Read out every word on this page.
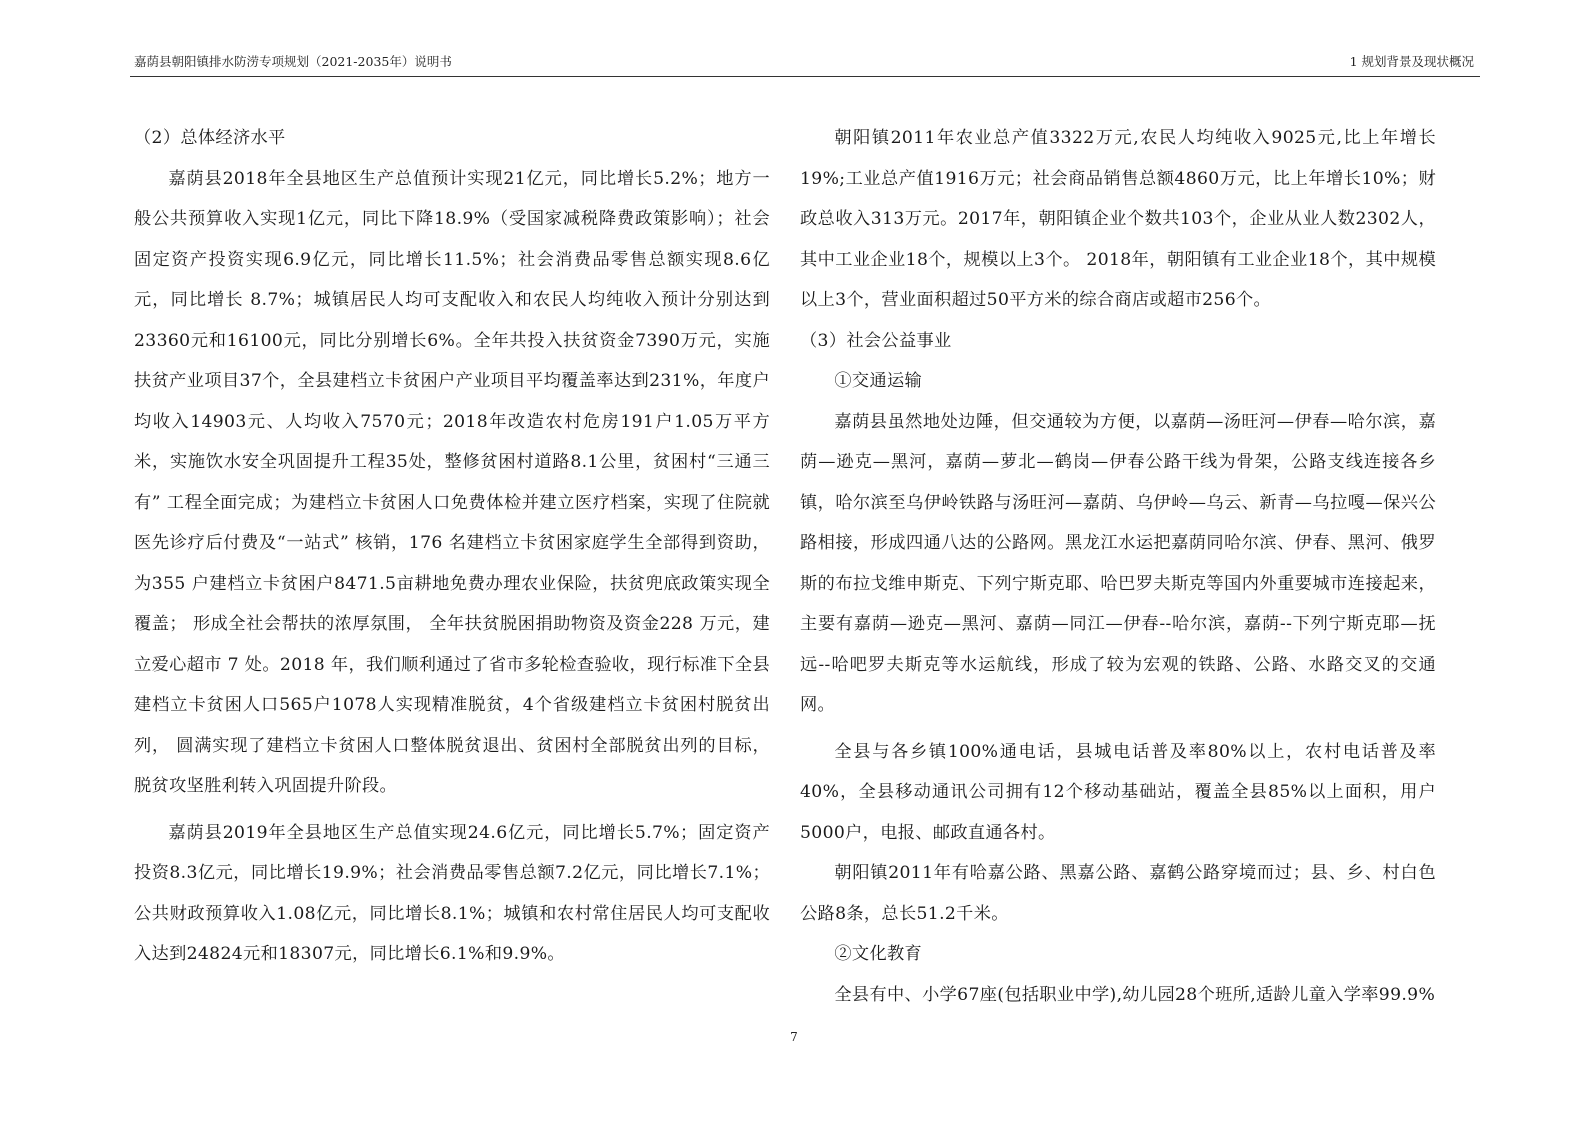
嘉荫县朝阳镇排水防涝专项规划（2021-2035年）说明书	1 规划背景及现状概况

（2）总体经济水平

嘉荫县2018年全县地区生产总值预计实现21亿元，同比增长5.2%；地方一般公共预算收入实现1亿元，同比下降18.9%（受国家减税降费政策影响）；社会固定资产投资实现6.9亿元，同比增长11.5%；社会消费品零售总额实现8.6亿元，同比增长 8.7%；城镇居民人均可支配收入和农民人均纯收入预计分别达到23360元和16100元，同比分别增长6%。全年共投入扶贫资金7390万元，实施扶贫产业项目37个，全县建档立卡贫困户产业项目平均覆盖率达到231%，年度户均收入14903元、人均收入7570元；2018年改造农村危房191户1.05万平方米，实施饮水安全巩固提升工程35处，整修贫困村道路8.1公里，贫困村“三通三有” 工程全面完成；为建档立卡贫困人口免费体检并建立医疗档案，实现了住院就医先诊疗后付费及“一站式” 核销，176 名建档立卡贫困家庭学生全部得到资助， 为355 户建档立卡贫困户8471.5亩耕地免费办理农业保险，扶贫兜底政策实现全覆盖； 形成全社会帮扶的浓厚氛围， 全年扶贫脱困捐助物资及资金228 万元，建立爱心超市 7 处。2018 年，我们顺利通过了省市多轮检查验收，现行标准下全县建档立卡贫困人口565户1078人实现精准脱贫，4个省级建档立卡贫困村脱贫出列， 圆满实现了建档立卡贫困人口整体脱贫退出、贫困村全部脱贫出列的目标，脱贫攻坚胜利转入巩固提升阶段。

嘉荫县2019年全县地区生产总值实现24.6亿元，同比增长5.7%；固定资产投资8.3亿元，同比增长19.9%；社会消费品零售总额7.2亿元，同比增长7.1%；公共财政预算收入1.08亿元，同比增长8.1%；城镇和农村常住居民人均可支配收入达到24824元和18307元，同比增长6.1%和9.9%。

朝阳镇2011年农业总产值3322万元,农民人均纯收入9025元,比上年增长19%;工业总产值1916万元；社会商品销售总额4860万元，比上年增长10%；财政总收入313万元。2017年，朝阳镇企业个数共103个，企业从业人数2302人，其中工业企业18个，规模以上3个。 2018年，朝阳镇有工业企业18个，其中规模以上3个，营业面积超过50平方米的综合商店或超市256个。

（3）社会公益事业

①交通运输

嘉荫县虽然地处边陲，但交通较为方便，以嘉荫—汤旺河—伊春—哈尔滨，嘉荫—逊克—黑河，嘉荫—萝北—鹤岗—伊春公路干线为骨架，公路支线连接各乡镇，哈尔滨至乌伊岭铁路与汤旺河—嘉荫、乌伊岭—乌云、新青—乌拉嘎—保兴公路相接，形成四通八达的公路网。黑龙江水运把嘉荫同哈尔滨、伊春、黑河、俄罗斯的布拉戈维申斯克、下列宁斯克耶、哈巴罗夫斯克等国内外重要城市连接起来，主要有嘉荫—逊克—黑河、嘉荫—同江—伊春--哈尔滨，嘉荫--下列宁斯克耶—抚远--哈吧罗夫斯克等水运航线，形成了较为宏观的铁路、公路、水路交叉的交通网。

全县与各乡镇100%通电话，县城电话普及率80%以上，农村电话普及率40%，全县移动通讯公司拥有12个移动基础站，覆盖全县85%以上面积，用户5000户，电报、邮政直通各村。

朝阳镇2011年有哈嘉公路、黑嘉公路、嘉鹤公路穿境而过；县、乡、村白色公路8条，总长51.2千米。

②文化教育

全县有中、小学67座(包括职业中学),幼儿园28个班所,适龄儿童入学率99.9%

7
